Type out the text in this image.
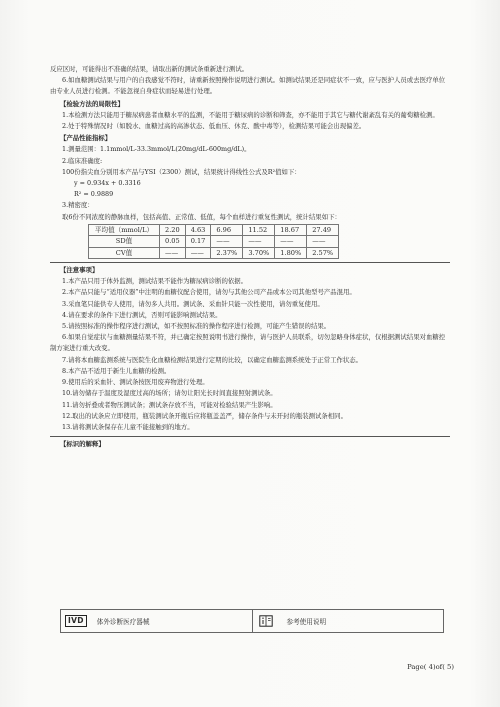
反应区时，可能得出不准确的结果，请取出新的测试条重新进行测试。

6.如血糖测试结果与用户的自我感觉不符时，请重新按照操作说明进行测试。如测试结果还是同症状不一致，应与医护人员或去医疗单位由专业人员进行检测。不能忽视自身症状而轻易进行处理。

【检验方法的局限性】

1.本检测方法只能用于糖尿病患者血糖水平的监测，不能用于糖尿病的诊断和筛查，亦不能用于其它与糖代谢紊乱有关的葡萄糖检测。

2.处于特殊情况时（如脱水、血糖过高的高渗状态、低血压、休克、酸中毒等），检测结果可能会出现偏差。

【产品性能指标】

1.测量范围：1.1mmol/L-33.3mmol/L(20mg/dL-600mg/dL)。

2.临床准确度:

100份指尖血分别用本产品与YSI（2300）测试，结果统计得线性公式及R²值如下：

y = 0.934x + 0.3316

R² = 0.9889

3.精密度：

取6份不同浓度的静脉血样，包括高值、正常值、低值，每个血样进行重复性测试，统计结果如下：

平均值（mmol/L）	2.20	4.63	6.96	11.52	18.67	27.49
SD值	0.05	0.17	——	——	——	——
CV值	——	——	2.37%	3.70%	1.80%	2.57%

【注意事项】

1.本产品只用于体外监测，测试结果不能作为糖尿病诊断的依据。

2.本产品只能与“适用仪器”中注明的血糖仪配合使用，请勿与其他公司产品或本公司其他型号产品混用。

3.采血笔只能供专人使用，请勿多人共用。测试条、采血针只能一次性使用，请勿重复使用。

4.请在要求的条件下进行测试，否则可能影响测试结果。

5.请按照标准的操作程序进行测试，如不按照标准的操作程序进行检测，可能产生错误的结果。

6.如果自觉症状与血糖测量结果不符，并已确定按照说明书进行操作，请与医护人员联系，切勿忽略身体症状，仅根据测试结果对血糖控制方案进行重大改变。

7.请将本血糖监测系统与医院生化血糖检测结果进行定期的比较，以确定血糖监测系统处于正常工作状态。

8.本产品不适用于新生儿血糖的检测。

9.使用后的采血针、测试条按医用废弃物进行处理。

10.请勿储存于温度及湿度过高的场所；请勿让阳光长时间直接照射测试条。

11.请勿折叠或者物压测试条；测试条存放不当，可能对检验结果产生影响。

12.取出的试条应立即使用，瓶装测试条开瓶后应将瓶盖盖严，储存条件与未开封的瓶装测试条相同。

13.请将测试条保存在儿童不能接触到的地方。

【标识的解释】

IVD	体外诊断医疗器械	参考使用说明
Page( 4)of( 5)
